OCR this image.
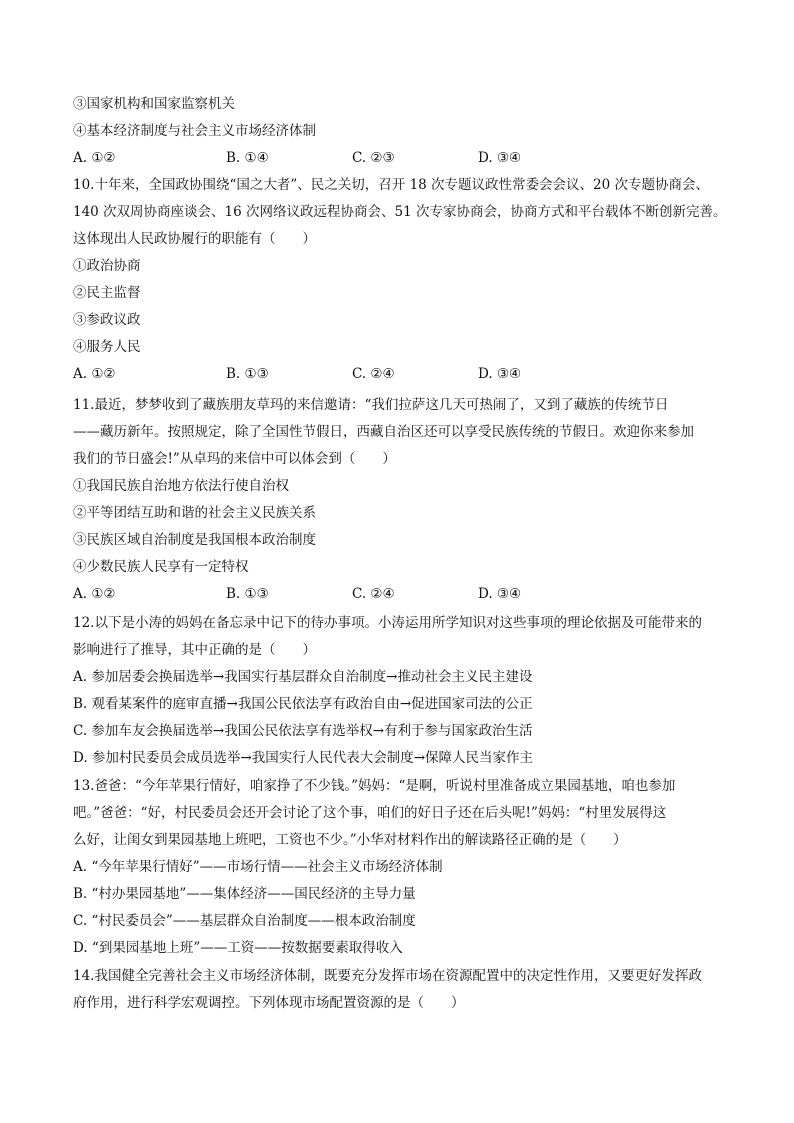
③国家机构和国家监察机关
④基本经济制度与社会主义市场经济体制
A. ①②	B. ①④	C. ②③	D. ③④
10.十年来，全国政协围绕“国之大者”、民之关切，召开 18 次专题议政性常委会会议、20 次专题协商会、
140 次双周协商座谈会、16 次网络议政远程协商会、51 次专家协商会，协商方式和平台载体不断创新完善。
这体现出人民政协履行的职能有（　　）
①政治协商
②民主监督
③参政议政
④服务人民
A. ①②	B. ①③	C. ②④	D. ③④
11.最近，梦梦收到了藏族朋友草玛的来信邀请：“我们拉萨这几天可热闹了，又到了藏族的传统节日
——藏历新年。按照规定，除了全国性节假日，西藏自治区还可以享受民族传统的节假日。欢迎你来参加
我们的节日盛会!”从卓玛的来信中可以体会到（　　）
①我国民族自治地方依法行使自治权
②平等团结互助和谐的社会主义民族关系
③民族区域自治制度是我国根本政治制度
④少数民族人民享有一定特权
A. ①②	B. ①③	C. ②④	D. ③④
12.以下是小涛的妈妈在备忘录中记下的待办事项。小涛运用所学知识对这些事项的理论依据及可能带来的
影响进行了推导，其中正确的是（　　）
A. 参加居委会换届选举→我国实行基层群众自治制度→推动社会主义民主建设
B. 观看某案件的庭审直播→我国公民依法享有政治自由→促进国家司法的公正
C. 参加车友会换届选举→我国公民依法享有选举权→有利于参与国家政治生活
D. 参加村民委员会成员选举→我国实行人民代表大会制度→保障人民当家作主
13.爸爸：“今年苹果行情好，咱家挣了不少钱。”妈妈：“是啊，听说村里准备成立果园基地，咱也参加
吧。”爸爸：“好，村民委员会还开会讨论了这个事，咱们的好日子还在后头呢!”妈妈：“村里发展得这
么好，让闺女到果园基地上班吧，工资也不少。”小华对材料作出的解读路径正确的是（　　）
A. “今年苹果行情好”——市场行情——社会主义市场经济体制
B. “村办果园基地”——集体经济——国民经济的主导力量
C. “村民委员会”——基层群众自治制度——根本政治制度
D. “到果园基地上班”——工资——按数据要素取得收入
14.我国健全完善社会主义市场经济体制，既要充分发挥市场在资源配置中的决定性作用，又要更好发挥政
府作用，进行科学宏观调控。下列体现市场配置资源的是（　　）
